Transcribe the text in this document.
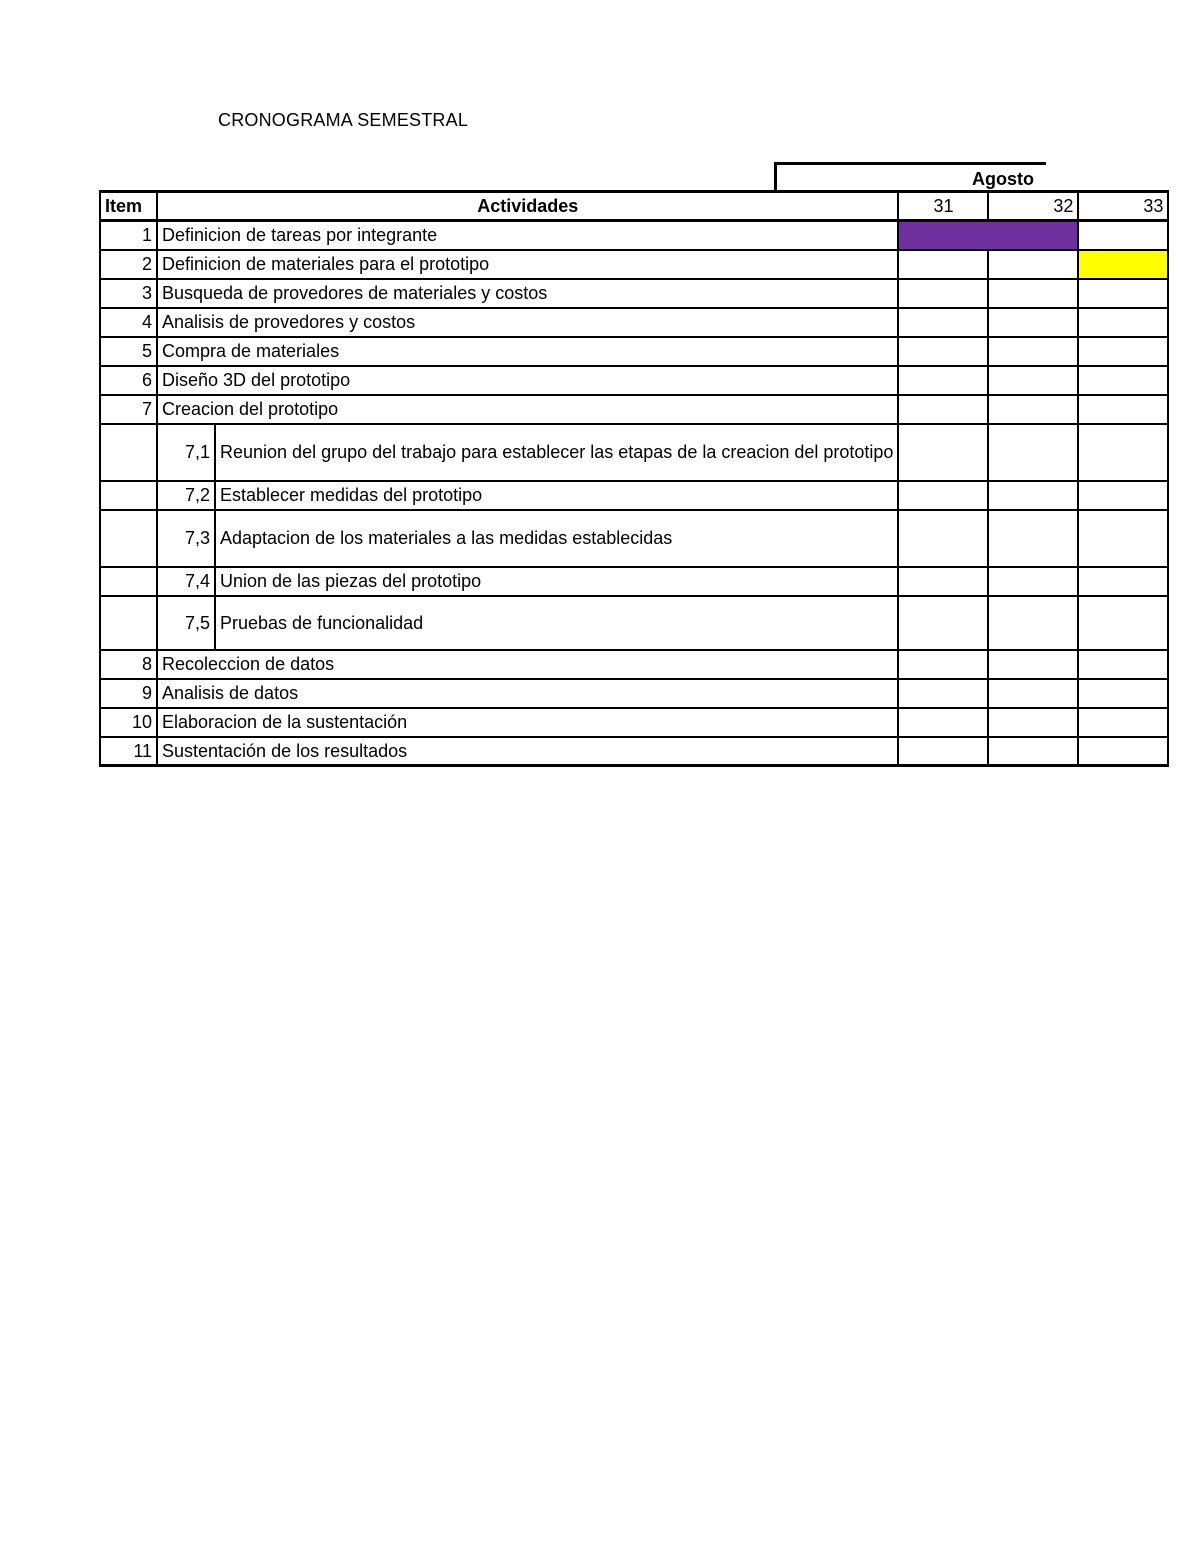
CRONOGRAMA SEMESTRAL
Agosto
Item	Actividades		31	32	33
1	Definicion de tareas por integrante				
2	Definicion de materiales para el prototipo				
3	Busqueda de provedores de materiales y costos				
4	Analisis de provedores y costos				
5	Compra de materiales				
6	Diseño 3D del prototipo				
7	Creacion del prototipo				
	7,1	Reunion del grupo del trabajo para establecer las etapas de la creacion del prototipo			
	7,2	Establecer medidas del prototipo			
	7,3	Adaptacion de los materiales a las medidas establecidas			
	7,4	Union de las piezas del prototipo			
	7,5	Pruebas de funcionalidad			
8	Recoleccion de datos				
9	Analisis de datos				
10	Elaboracion de la sustentación				
11	Sustentación de los resultados				
